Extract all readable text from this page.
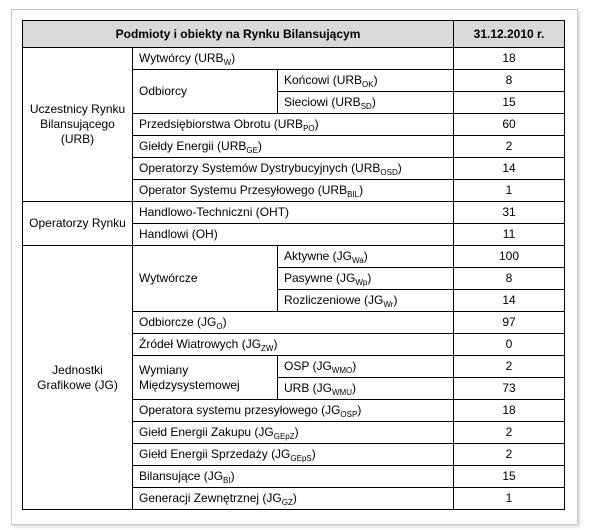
Podmioty i obiekty na Rynku Bilansującym			31.12.2010 r.
Uczestnicy Rynku Bilansującego (URB)	Wytwórcy $(URB_W)$		18
	Odbiorcy	Końcowi $(URB_{OK})$	8
		Sieciowi $(URB_{SD})$	15
	Przedsiębiorstwa Obrotu $(URB_{PO})$		60
	Giełdy Energii $(URB_{GE})$		2
	Operatorzy Systemów Dystrybucyjnych $(URB_{OSD})$		14
	Operator Systemu Przesyłowego $(URB_{BIL})$		1
Operatorzy Rynku	Handlowo-Techniczni (OHT)		31
	Handlowi (OH)		11
Jednostki Grafikowe (JG)	Wytwórcze	Aktywne $(JG_{Wa})$	100
		Pasywne $(JG_{Wp})$	8
		Rozliczeniowe $(JG_{Wr})$	14
	Odbiorcze $(JG_O)$		97
	Źródeł Wiatrowych $(JG_{ZW})$		0
	Wymiany Międzysystemowej	OSP $(JG_{WMO})$	2
		URB $(JG_{WMU})$	73
	Operatora systemu przesyłowego $(JG_{OSP})$		18
	Giełd Energii Zakupu $(JG_{GEpZ})$		2
	Giełd Energii Sprzedaży $(JG_{GEpS})$		2
	Bilansujące $(JG_{BI})$		15
	Generacji Zewnętrznej $(JG_{GZ})$		1
